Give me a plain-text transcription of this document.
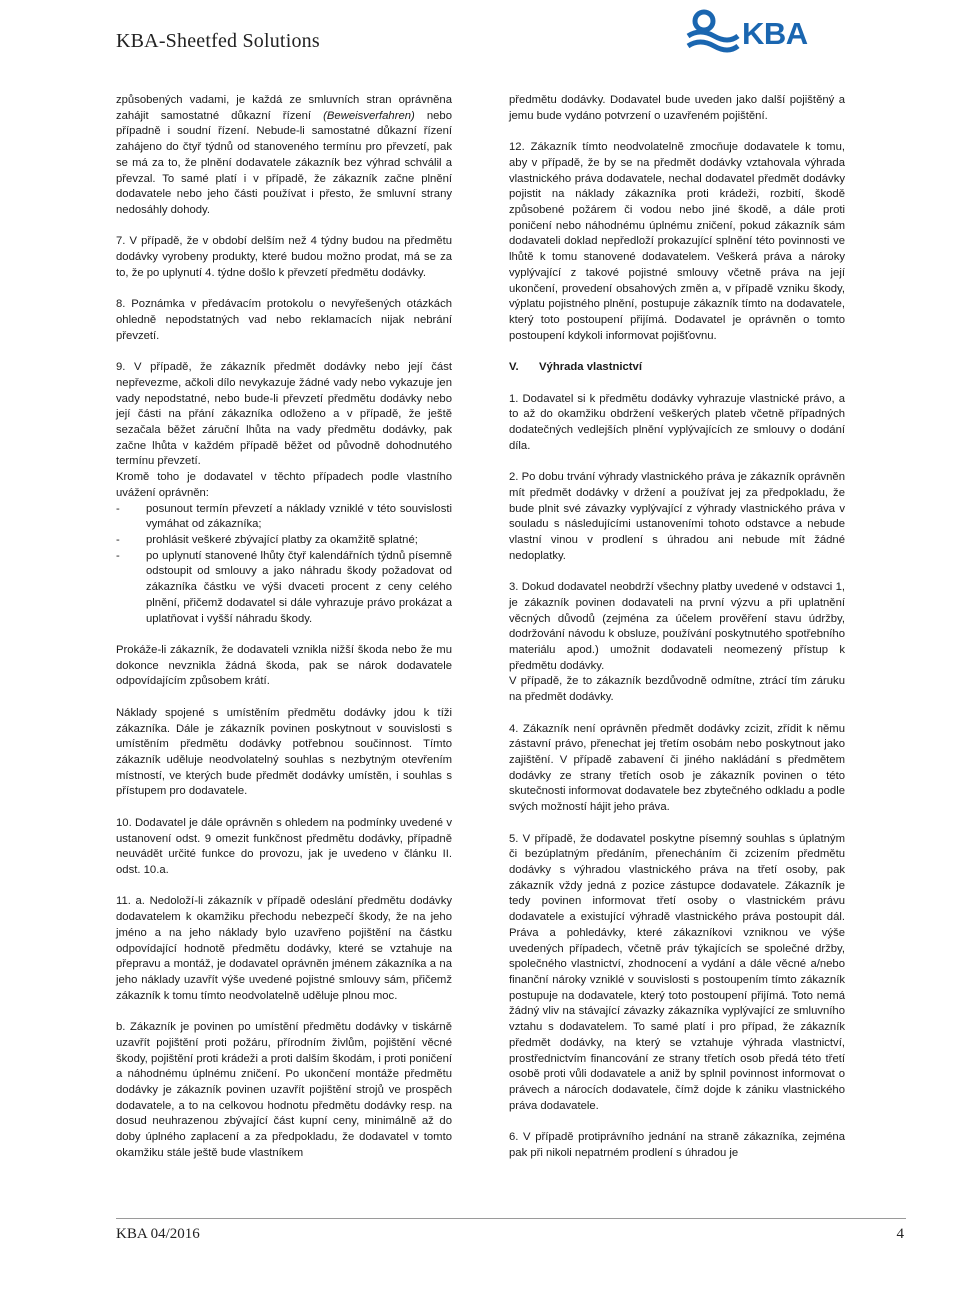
KBA-Sheetfed Solutions	KBA

způsobených vadami, je každá ze smluvních stran oprávněna zahájit samostatné důkazní řízení (Beweisverfahren) nebo případně i soudní řízení. Nebude-li samostatné důkazní řízení zahájeno do čtyř týdnů od stanoveného termínu pro převzetí, pak se má za to, že plnění dodavatele zákazník bez výhrad schválil a převzal. To samé platí i v případě, že zákazník začne plnění dodavatele nebo jeho části používat i přesto, že smluvní strany nedosáhly dohody.

7. V případě, že v období delším než 4 týdny budou na předmětu dodávky vyrobeny produkty, které budou možno prodat, má se za to, že po uplynutí 4. týdne došlo k převzetí předmětu dodávky.

8. Poznámka v předávacím protokolu o nevyřešených otázkách ohledně nepodstatných vad nebo reklamacích nijak nebrání převzetí.

9. V případě, že zákazník předmět dodávky nebo její část nepřevezme, ačkoli dílo nevykazuje žádné vady nebo vykazuje jen vady nepodstatné, nebo bude-li převzetí předmětu dodávky nebo její části na přání zákazníka odloženo a v případě, že ještě sezačala běžet záruční lhůta na vady předmětu dodávky, pak začne lhůta v každém případě běžet od původně dohodnutého termínu převzetí.

Kromě toho je dodavatel v těchto případech podle vlastního uvážení oprávněn:

-	posunout termín převzetí a náklady vzniklé v této souvislosti vymáhat od zákazníka;
-	prohlásit veškeré zbývající platby za okamžitě splatné;
-	po uplynutí stanovené lhůty čtyř kalendářních týdnů písemně odstoupit od smlouvy a jako náhradu škody požadovat od zákazníka částku ve výši dvaceti procent z ceny celého plnění, přičemž dodavatel si dále vyhrazuje právo prokázat a uplatňovat i vyšší náhradu škody.

Prokáže-li zákazník, že dodavateli vznikla nižší škoda nebo že mu dokonce nevznikla žádná škoda, pak se nárok dodavatele odpovídajícím způsobem krátí.

Náklady spojené s umístěním předmětu dodávky jdou k tíži zákazníka. Dále je zákazník povinen poskytnout v souvislosti s umístěním předmětu dodávky potřebnou součinnost. Tímto zákazník uděluje neodvolatelný souhlas s nezbytným otevřením místností, ve kterých bude předmět dodávky umístěn, i souhlas s přístupem pro dodavatele.

10. Dodavatel je dále oprávněn s ohledem na podmínky uvedené v ustanovení odst. 9 omezit funkčnost předmětu dodávky, případně neuvádět určité funkce do provozu, jak je uvedeno v článku II. odst. 10.a.

11. a. Nedoloží-li zákazník v případě odeslání předmětu dodávky dodavatelem k okamžiku přechodu nebezpečí škody, že na jeho jméno a na jeho náklady bylo uzavřeno pojištění na částku odpovídající hodnotě předmětu dodávky, které se vztahuje na přepravu a montáž, je dodavatel oprávněn jménem zákazníka a na jeho náklady uzavřít výše uvedené pojistné smlouvy sám, přičemž zákazník k tomu tímto neodvolatelně uděluje plnou moc.

b. Zákazník je povinen po umístění předmětu dodávky v tiskárně uzavřít pojištění proti požáru, přírodním živlům, pojištění věcné škody, pojištění proti krádeži a proti dalším škodám, i proti poničení a náhodnému úplnému zničení. Po ukončení montáže předmětu dodávky je zákazník povinen uzavřít pojištění strojů ve prospěch dodavatele, a to na celkovou hodnotu předmětu dodávky resp. na dosud neuhrazenou zbývající část kupní ceny, minimálně až do doby úplného zaplacení a za předpokladu, že dodavatel v tomto okamžiku stále ještě bude vlastníkem

předmětu dodávky. Dodavatel bude uveden jako další pojištěný a jemu bude vydáno potvrzení o uzavřeném pojištění.

12. Zákazník tímto neodvolatelně zmocňuje dodavatele k tomu, aby v případě, že by se na předmět dodávky vztahovala výhrada vlastnického práva dodavatele, nechal dodavatel předmět dodávky pojistit na náklady zákazníka proti krádeži, rozbití, škodě způsobené požárem či vodou nebo jiné škodě, a dále proti poničení nebo náhodnému úplnému zničení, pokud zákazník sám dodavateli doklad nepředloží prokazující splnění této povinnosti ve lhůtě k tomu stanovené dodavatelem. Veškerá práva a nároky vyplývající z takové pojistné smlouvy včetně práva na její ukončení, provedení obsahových změn a, v případě vzniku škody, výplatu pojistného plnění, postupuje zákazník tímto na dodavatele, který toto postoupení přijímá. Dodavatel je oprávněn o tomto postoupení kdykoli informovat pojišťovnu.

V.	Výhrada vlastnictví

1. Dodavatel si k předmětu dodávky vyhrazuje vlastnické právo, a to až do okamžiku obdržení veškerých plateb včetně případných dodatečných vedlejších plnění vyplývajících ze smlouvy o dodání díla.

2. Po dobu trvání výhrady vlastnického práva je zákazník oprávněn mít předmět dodávky v držení a používat jej za předpokladu, že bude plnit své závazky vyplývající z výhrady vlastnického práva v souladu s následujícími ustanoveními tohoto odstavce a nebude vlastní vinou v prodlení s úhradou ani nebude mít žádné nedoplatky.

3. Dokud dodavatel neobdrží všechny platby uvedené v odstavci 1, je zákazník povinen dodavateli na první výzvu a při uplatnění věcných důvodů (zejména za účelem prověření stavu údržby, dodržování návodu k obsluze, používání poskytnutého spotřebního materiálu apod.) umožnit dodavateli neomezený přístup k předmětu dodávky.

V případě, že to zákazník bezdůvodně odmítne, ztrácí tím záruku na předmět dodávky.

4. Zákazník není oprávněn předmět dodávky zcizit, zřídit k němu zástavní právo, přenechat jej třetím osobám nebo poskytnout jako zajištění. V případě zabavení či jiného nakládání s předmětem dodávky ze strany třetích osob je zákazník povinen o této skutečnosti informovat dodavatele bez zbytečného odkladu a podle svých možností hájit jeho práva.

5. V případě, že dodavatel poskytne písemný souhlas s úplatným či bezúplatným předáním, přenecháním či zcizením předmětu dodávky s výhradou vlastnického práva na třetí osoby, pak zákazník vždy jedná z pozice zástupce dodavatele. Zákazník je tedy povinen informovat třetí osoby o vlastnickém právu dodavatele a existující výhradě vlastnického práva postoupit dál. Práva a pohledávky, které zákazníkovi vzniknou ve výše uvedených případech, včetně práv týkajících se společné držby, společného vlastnictví, zhodnocení a vydání a dále věcné a/nebo finanční nároky vzniklé v souvislosti s postoupením tímto zákazník postupuje na dodavatele, který toto postoupení přijímá. Toto nemá žádný vliv na stávající závazky zákazníka vyplývající ze smluvního vztahu s dodavatelem. To samé platí i pro případ, že zákazník předmět dodávky, na který se vztahuje výhrada vlastnictví, prostřednictvím financování ze strany třetích osob předá této třetí osobě proti vůli dodavatele a aniž by splnil povinnost informovat o právech a nárocích dodavatele, čímž dojde k zániku vlastnického práva dodavatele.

6. V případě protiprávního jednání na straně zákazníka, zejména pak při nikoli nepatrném prodlení s úhradou je

KBA 04/2016	4
